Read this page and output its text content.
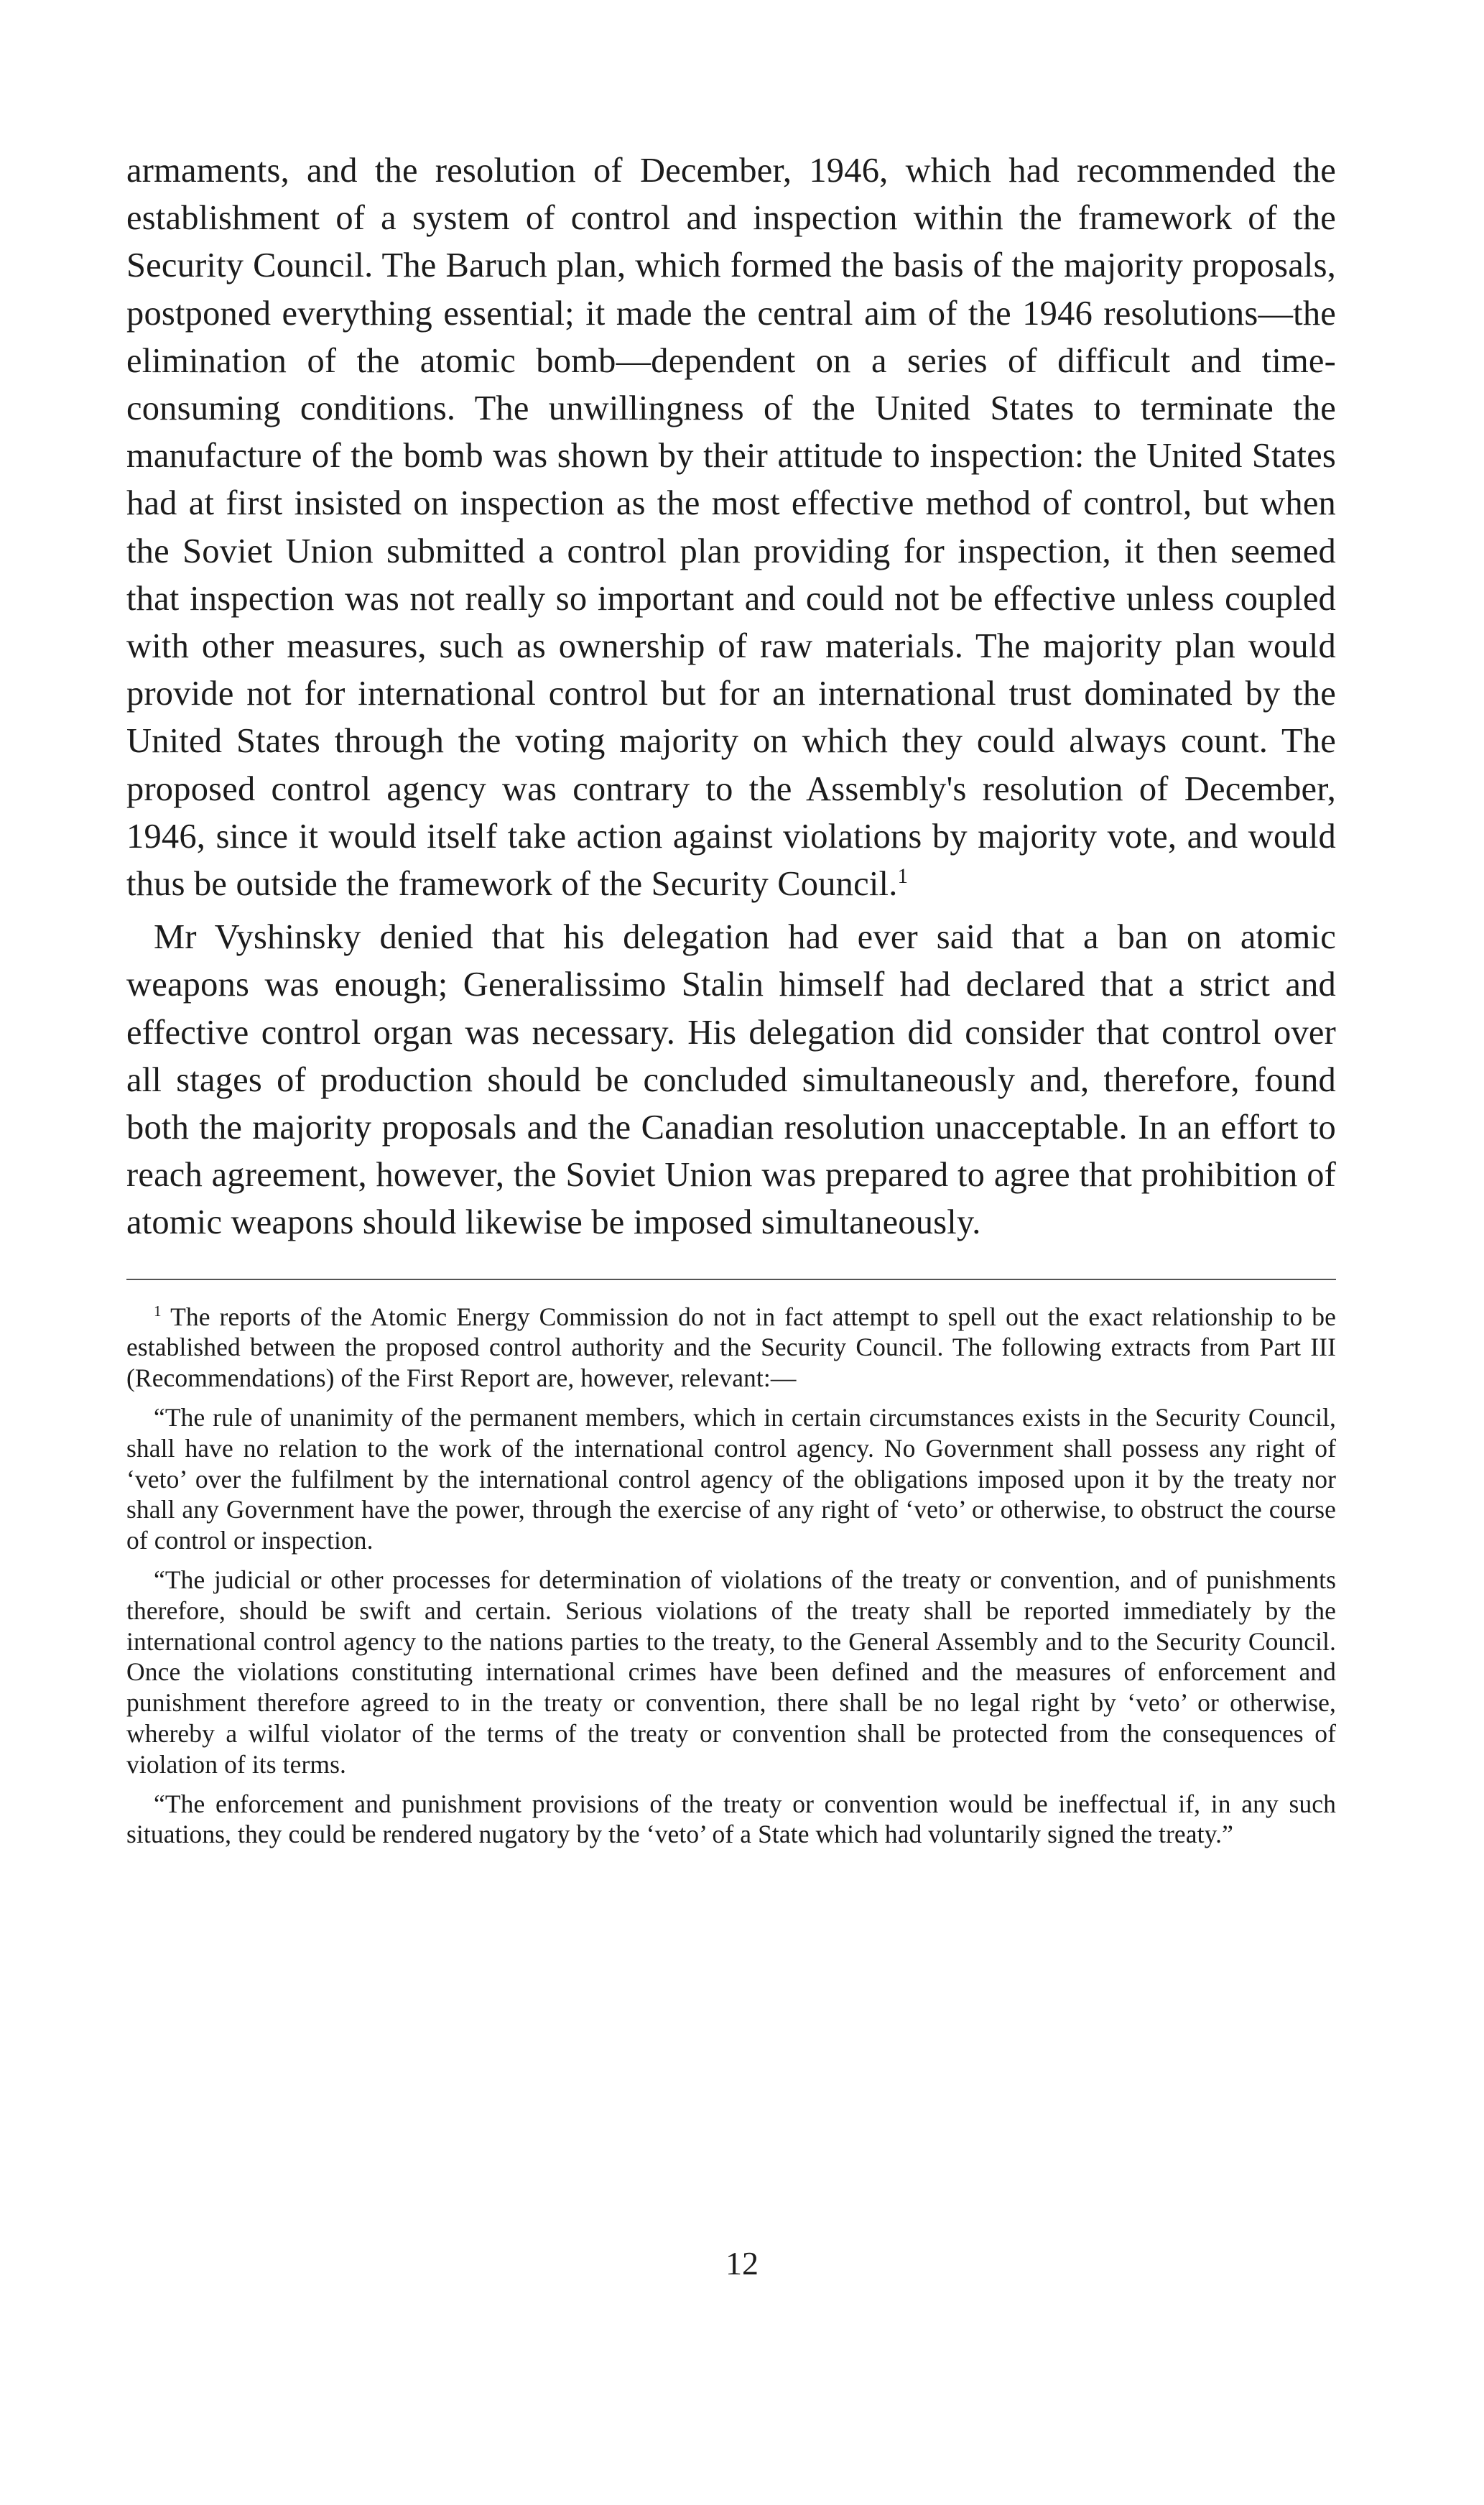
armaments, and the resolution of December, 1946, which had recommended the establishment of a system of control and inspection within the framework of the Security Council. The Baruch plan, which formed the basis of the majority proposals, postponed everything essential; it made the central aim of the 1946 resolutions—the elimination of the atomic bomb—dependent on a series of difficult and time-consuming conditions. The unwillingness of the United States to terminate the manufacture of the bomb was shown by their attitude to inspection: the United States had at first insisted on inspection as the most effective method of control, but when the Soviet Union submitted a control plan providing for inspection, it then seemed that inspection was not really so important and could not be effective unless coupled with other measures, such as ownership of raw materials. The majority plan would provide not for international control but for an international trust dominated by the United States through the voting majority on which they could always count. The proposed control agency was contrary to the Assembly's resolution of December, 1946, since it would itself take action against violations by majority vote, and would thus be outside the framework of the Security Council.$^1$

Mr Vyshinsky denied that his delegation had ever said that a ban on atomic weapons was enough; Generalissimo Stalin himself had declared that a strict and effective control organ was necessary. His delegation did consider that control over all stages of production should be concluded simultaneously and, therefore, found both the majority proposals and the Canadian resolution unacceptable. In an effort to reach agreement, however, the Soviet Union was prepared to agree that prohibition of atomic weapons should likewise be imposed simultaneously.

$^1$ The reports of the Atomic Energy Commission do not in fact attempt to spell out the exact relationship to be established between the proposed control authority and the Security Council. The following extracts from Part III (Recommendations) of the First Report are, however, relevant:—

“The rule of unanimity of the permanent members, which in certain circumstances exists in the Security Council, shall have no relation to the work of the international control agency. No Government shall possess any right of ‘veto’ over the fulfilment by the international control agency of the obligations imposed upon it by the treaty nor shall any Government have the power, through the exercise of any right of ‘veto’ or otherwise, to obstruct the course of control or inspection.

“The judicial or other processes for determination of violations of the treaty or convention, and of punishments therefore, should be swift and certain. Serious violations of the treaty shall be reported immediately by the international control agency to the nations parties to the treaty, to the General Assembly and to the Security Council. Once the violations constituting international crimes have been defined and the measures of enforcement and punishment therefore agreed to in the treaty or convention, there shall be no legal right by ‘veto’ or otherwise, whereby a wilful violator of the terms of the treaty or convention shall be protected from the consequences of violation of its terms.

“The enforcement and punishment provisions of the treaty or convention would be ineffectual if, in any such situations, they could be rendered nugatory by the ‘veto’ of a State which had voluntarily signed the treaty.”

12
